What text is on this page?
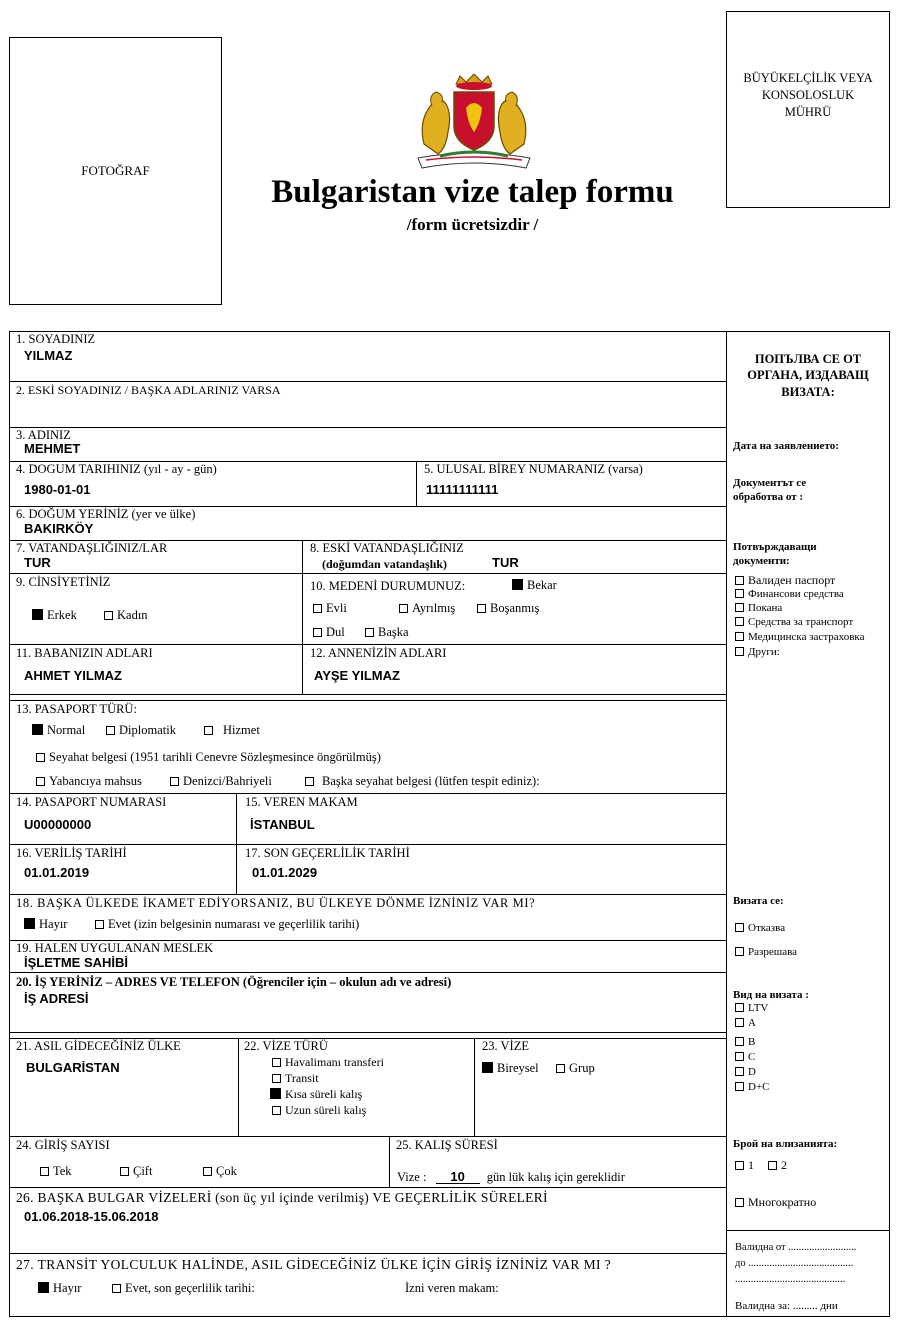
FOTOĞRAF
BÜYÜKELÇİLİK VEYA
KONSOLOSLUK
MÜHRÜ
Bulgaristan vize talep formu
/form ücretsizdir /
1. SOYADINIZ
YILMAZ
2. ESKİ SOYADINIZ / BAŞKA ADLARINIZ VARSA
3. ADINIZ
MEHMET
4. DOGUM TARIHINIZ (yıl - ay - gün)
1980-01-01
5. ULUSAL BİREY NUMARANIZ (varsa)
11111111111
6. DOĞUM YERİNİZ (yer ve ülke)
BAKIRKÖY
7. VATANDAŞLIĞINIZ/LAR
TUR
8. ESKİ VATANDAŞLIĞINIZ
(doğumdan vatandaşlık)	TUR
9. CİNSİYETİNİZ
Erkek	Kadın
10. MEDENİ DURUMUNUZ:	Bekar
Evli	Ayrılmış	Boşanmış
Dul	Başka
11. BABANIZIN ADLARI
AHMET YILMAZ
12. ANNENİZİN ADLARI
AYŞE YILMAZ
13. PASAPORT TÜRÜ:
Normal	Diplomatik	Hizmet
Seyahat belgesi (1951 tarihli Cenevre Sözleşmesince öngörülmüş)
Yabancıya mahsus	Denizci/Bahriyeli	Başka seyahat belgesi (lütfen tespit ediniz):
14. PASAPORT NUMARASI
U00000000
15. VEREN MAKAM
İSTANBUL
16. VERİLİŞ TARİHİ
01.01.2019
17. SON GEÇERLİLİK TARİHİ
01.01.2029
18. BAŞKA ÜLKEDE İKAMET EDİYORSANIZ, BU ÜLKEYE DÖNME İZNİNİZ VAR MI?
Hayır	Evet (izin belgesinin numarası ve geçerlilik tarihi)
19. HALEN UYGULANAN MESLEK
İŞLETME SAHİBİ
20. İŞ YERİNİZ – ADRES VE TELEFON (Öğrenciler için – okulun adı ve adresi)
İŞ ADRESİ
21. ASIL GİDECEĞİNİZ ÜLKE
BULGARİSTAN
22. VİZE TÜRÜ
Havalimanı transferi
Transit
Kısa süreli kalış
Uzun süreli kalış
23. VİZE
Bireysel	Grup
24. GİRİŞ SAYISI
Tek	Çift	Çok
25. KALIŞ SÜRESİ
Vize : 10 gün lük kalış için gereklidir
26. BAŞKA BULGAR VİZELERİ (son üç yıl içinde verilmiş) VE GEÇERLİLİK SÜRELERİ
01.06.2018-15.06.2018
27. TRANSİT YOLCULUK HALİNDE, ASIL GİDECEĞİNİZ ÜLKE İÇİN GİRİŞ İZNİNİZ VAR MI ?
Hayır	Evet, son geçerlilik tarihi:	İzni veren makam:
ПОПЪЛВА СЕ ОТ
ОРГАНА, ИЗДАВАЩ
ВИЗАТА:
Дата на заявлението:
Документът се
обработва от :
Потвърждаващи
документи:
Валиден паспорт
Финансови средства
Покана
Средства за транспорт
Медицинска застраховка
Други:
Визата се:
Отказва
Разрешава
Вид на визата :
LTV
A
B
C
D
D+C
Брой на влизанията:
1	2
Многократно
Валидна от ..........................
до ........................................
..........................................
Валидна за: ......... дни
